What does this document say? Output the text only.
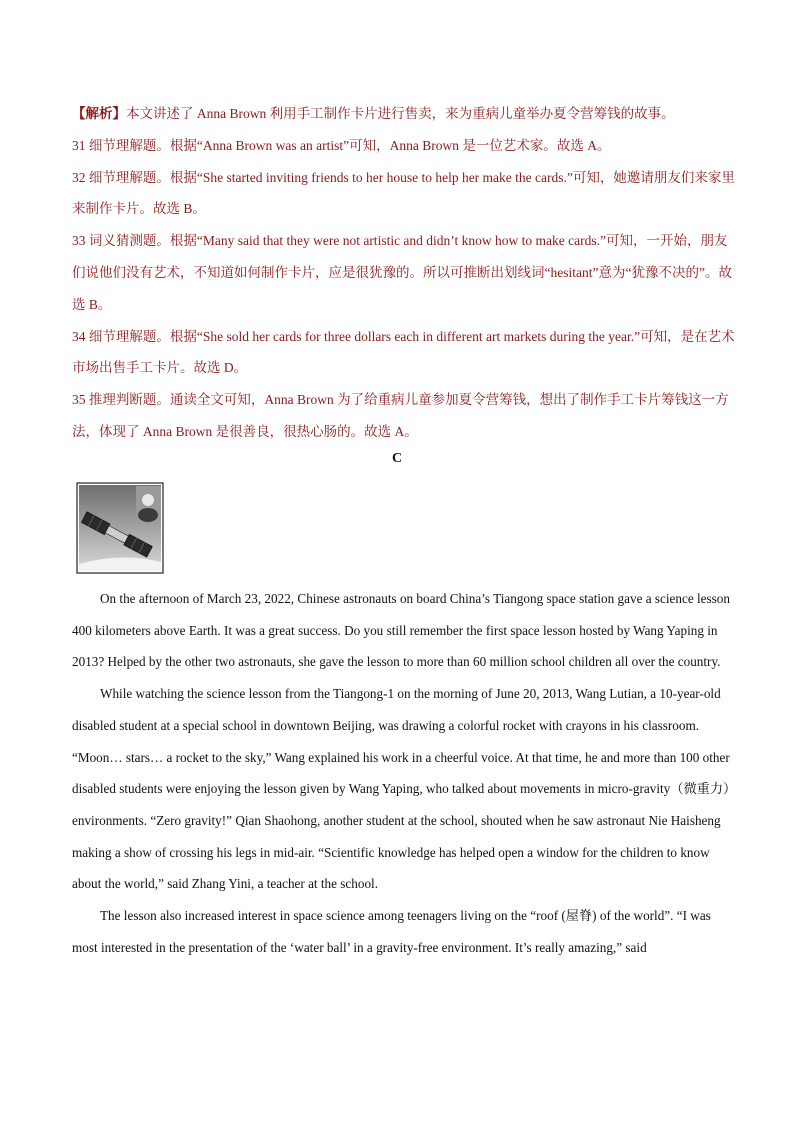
【解析】本文讲述了 Anna Brown 利用手工制作卡片进行售卖，来为重病儿童举办夏令营筹钱的故事。

31 细节理解题。根据“Anna Brown was an artist”可知，Anna Brown 是一位艺术家。故选 A。

32 细节理解题。根据“She started inviting friends to her house to help her make the cards.”可知，她邀请朋友们来家里来制作卡片。故选 B。

33 词义猜测题。根据“Many said that they were not artistic and didn’t know how to make cards.”可知，一开始，朋友们说他们没有艺术，不知道如何制作卡片，应是很犹豫的。所以可推断出划线词“hesitant”意为“犹豫不决的”。故选 B。

34 细节理解题。根据“She sold her cards for three dollars each in different art markets during the year.”可知，是在艺术市场出售手工卡片。故选 D。

35 推理判断题。通读全文可知，Anna Brown 为了给重病儿童参加夏令营筹钱，想出了制作手工卡片筹钱这一方法，体现了 Anna Brown 是很善良，很热心肠的。故选 A。

C

On the afternoon of March 23, 2022, Chinese astronauts on board China’s Tiangong space station gave a science lesson 400 kilometers above Earth. It was a great success. Do you still remember the first space lesson hosted by Wang Yaping in 2013? Helped by the other two astronauts, she gave the lesson to more than 60 million school children all over the country.

While watching the science lesson from the Tiangong-1 on the morning of June 20, 2013, Wang Lutian, a 10-year-old disabled student at a special school in downtown Beijing, was drawing a colorful rocket with crayons in his classroom. “Moon… stars… a rocket to the sky,” Wang explained his work in a cheerful voice. At that time, he and more than 100 other disabled students were enjoying the lesson given by Wang Yaping, who talked about movements in micro-gravity（微重力）environments. “Zero gravity!” Qian Shaohong, another student at the school, shouted when he saw astronaut Nie Haisheng making a show of crossing his legs in mid-air. “Scientific knowledge has helped open a window for the children to know about the world,” said Zhang Yini, a teacher at the school.

The lesson also increased interest in space science among teenagers living on the “roof (屋脊) of the world”. “I was most interested in the presentation of the ‘water ball’ in a gravity-free environment. It’s really amazing,” said
